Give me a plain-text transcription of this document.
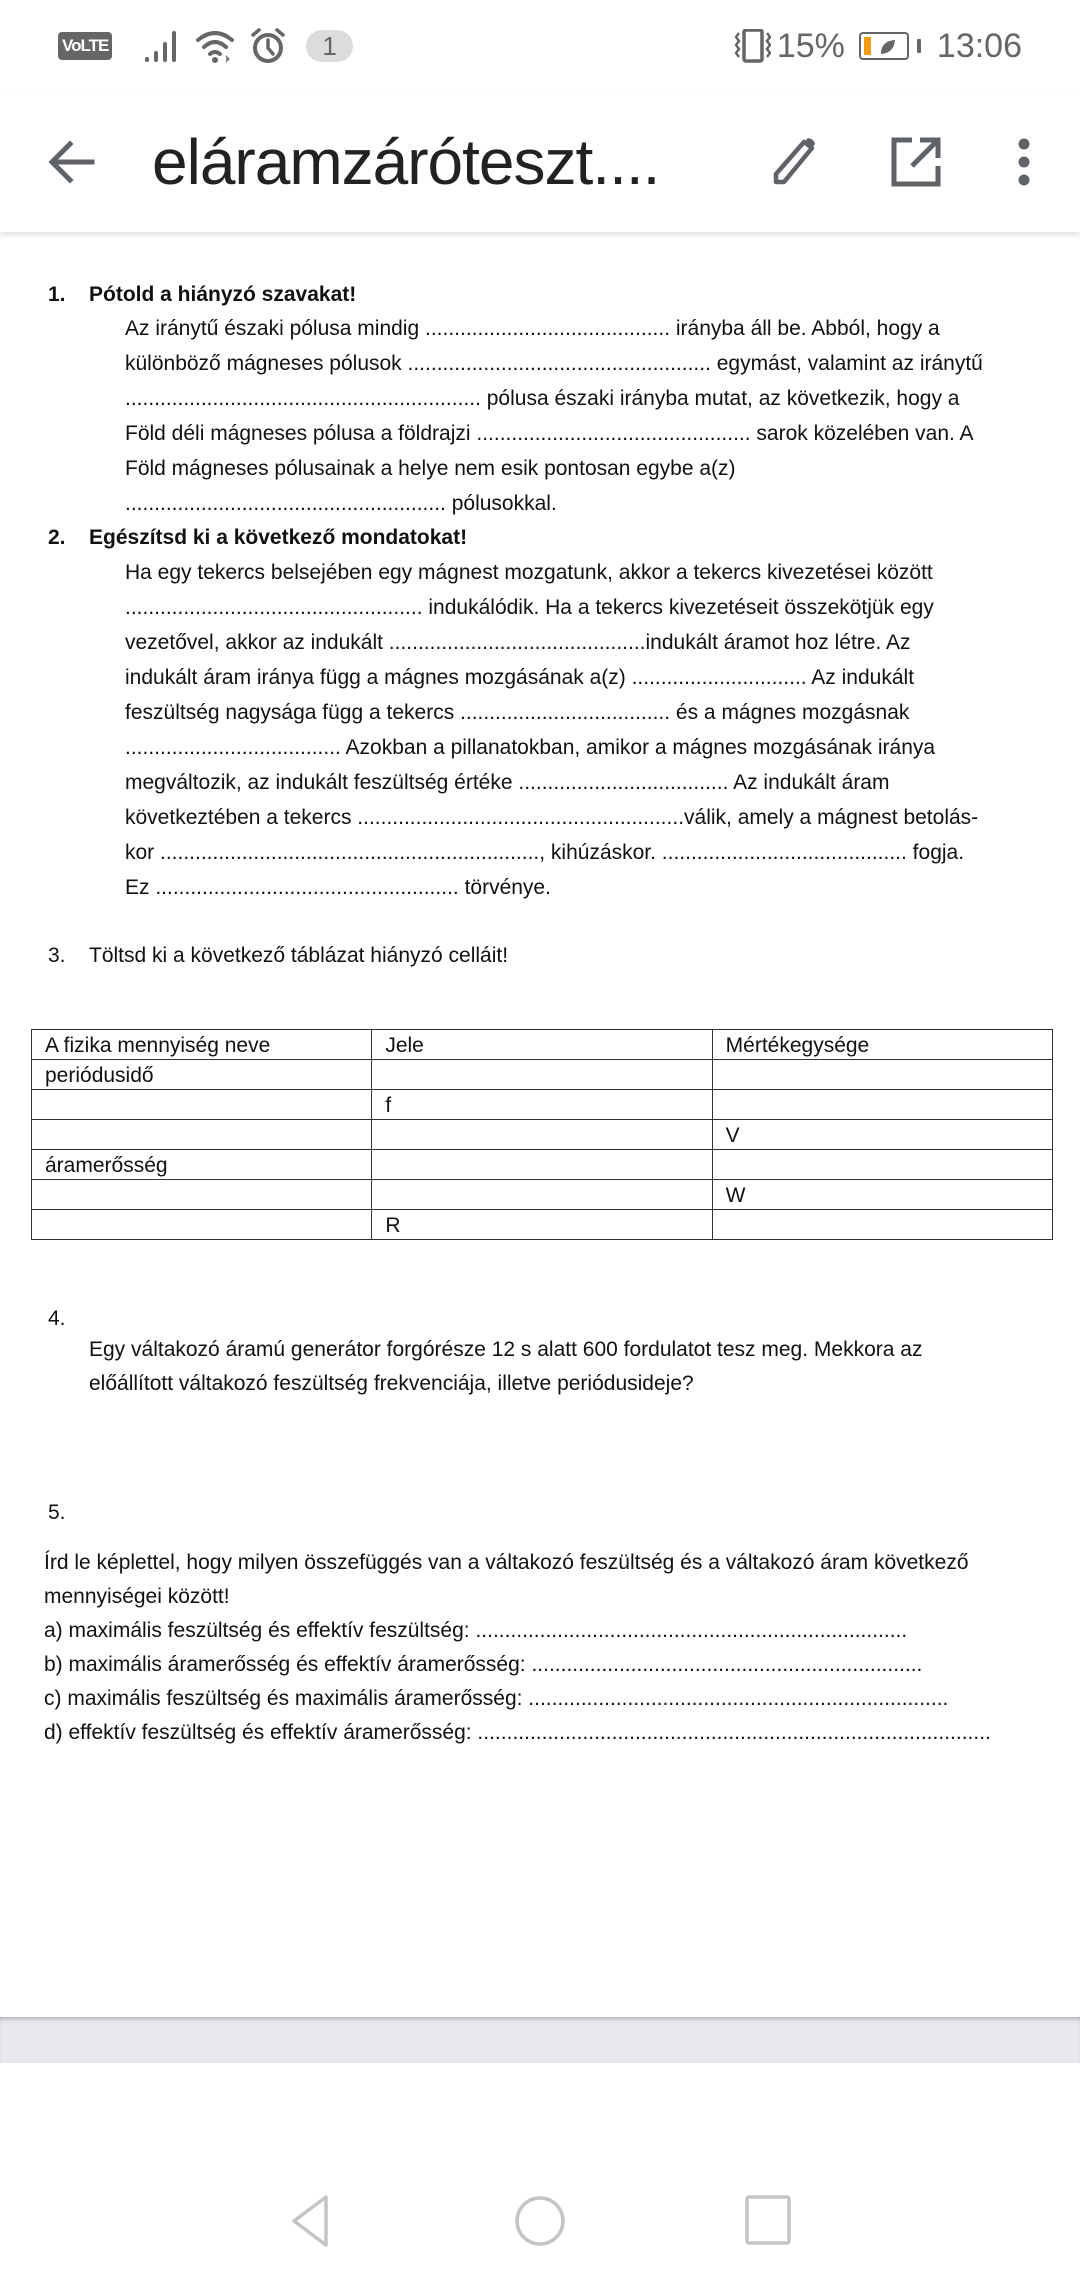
VoLTE	1	15%	13:06
eláramzáróteszt....
1. Pótold a hiányzó szavakat!
Az iránytű északi pólusa mindig .......................................... irányba áll be. Abból, hogy a
különböző mágneses pólusok .................................................... egymást, valamint az iránytű
............................................................. pólusa északi irányba mutat, az következik, hogy a
Föld déli mágneses pólusa a földrajzi ............................................... sarok közelében van. A
Föld mágneses pólusainak a helye nem esik pontosan egybe a(z)
....................................................... pólusokkal.
2. Egészítsd ki a következő mondatokat!
Ha egy tekercs belsejében egy mágnest mozgatunk, akkor a tekercs kivezetései között
................................................... indukálódik. Ha a tekercs kivezetéseit összekötjük egy
vezetővel, akkor az indukált ............................................indukált áramot hoz létre. Az
indukált áram iránya függ a mágnes mozgásának a(z) .............................. Az indukált
feszültség nagysága függ a tekercs .................................... és a mágnes mozgásnak
..................................... Azokban a pillanatokban, amikor a mágnes mozgásának iránya
megváltozik, az indukált feszültség értéke .................................... Az indukált áram
következtében a tekercs ........................................................válik, amely a mágnest betolás-
kor ................................................................., kihúzáskor. .......................................... fogja.
Ez .................................................... törvénye.
3. Töltsd ki a következő táblázat hiányzó celláit!
A fizika mennyiség neve	Jele	Mértékegysége
periódusidő		
	f	
		V
áramerősség		
		W
	R	
4.
Egy váltakozó áramú generátor forgórésze 12 s alatt 600 fordulatot tesz meg. Mekkora az
előállított váltakozó feszültség frekvenciája, illetve periódusideje?
5.
Írd le képlettel, hogy milyen összefüggés van a váltakozó feszültség és a váltakozó áram következő
mennyiségei között!
a) maximális feszültség és effektív feszültség: ..........................................................................
b) maximális áramerősség és effektív áramerősség: ...................................................................
c) maximális feszültség és maximális áramerősség: ........................................................................
d) effektív feszültség és effektív áramerősség: ........................................................................................
